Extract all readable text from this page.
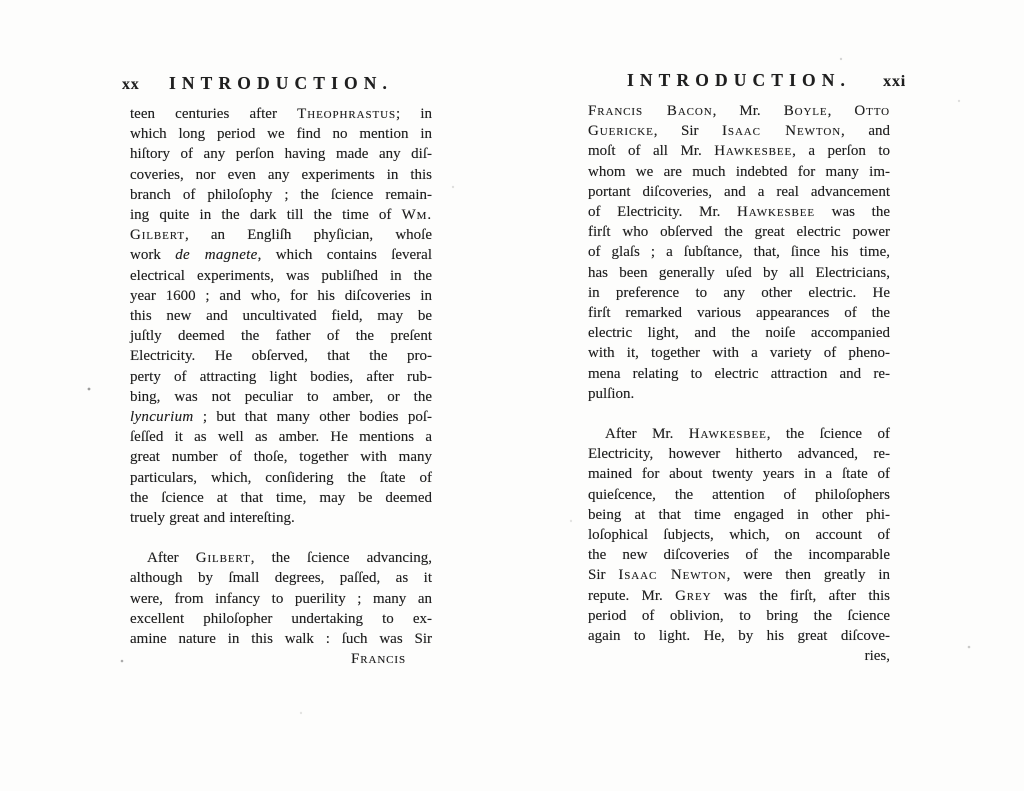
xx INTRODUCTION.
teen centuries after Theophrastus; in
which long period we find no mention in
hiſtory of any perſon having made any diſ-
coveries, nor even any experiments in this
branch of philoſophy ; the ſcience remain-
ing quite in the dark till the time of Wm.
Gilbert, an Engliſh phyſician, whoſe
work de magnete, which contains ſeveral
electrical experiments, was publiſhed in the
year 1600 ; and who, for his diſcoveries in
this new and uncultivated field, may be
juſtly deemed the father of the preſent
Electricity. He obſerved, that the pro-
perty of attracting light bodies, after rub-
bing, was not peculiar to amber, or the
lyncurium ; but that many other bodies poſ-
ſeſſed it as well as amber. He mentions a
great number of thoſe, together with many
particulars, which, conſidering the ſtate of
the ſcience at that time, may be deemed
truely great and intereſting.
After Gilbert, the ſcience advancing,
although by ſmall degrees, paſſed, as it
were, from infancy to puerility ; many an
excellent philoſopher undertaking to ex-
amine nature in this walk : ſuch was Sir
Francis
INTRODUCTION. xxi
Francis Bacon, Mr. Boyle, Otto
Guericke, Sir Isaac Newton, and
moſt of all Mr. Hawkesbee, a perſon to
whom we are much indebted for many im-
portant diſcoveries, and a real advancement
of Electricity. Mr. Hawkesbee was the
firſt who obſerved the great electric power
of glaſs ; a ſubſtance, that, ſince his time,
has been generally uſed by all Electricians,
in preference to any other electric. He
firſt remarked various appearances of the
electric light, and the noiſe accompanied
with it, together with a variety of pheno-
mena relating to electric attraction and re-
pulſion.
After Mr. Hawkesbee, the ſcience of
Electricity, however hitherto advanced, re-
mained for about twenty years in a ſtate of
quieſcence, the attention of philoſophers
being at that time engaged in other phi-
loſophical ſubjects, which, on account of
the new diſcoveries of the incomparable
Sir Isaac Newton, were then greatly in
repute. Mr. Grey was the firſt, after this
period of oblivion, to bring the ſcience
again to light. He, by his great diſcove-
ries,
